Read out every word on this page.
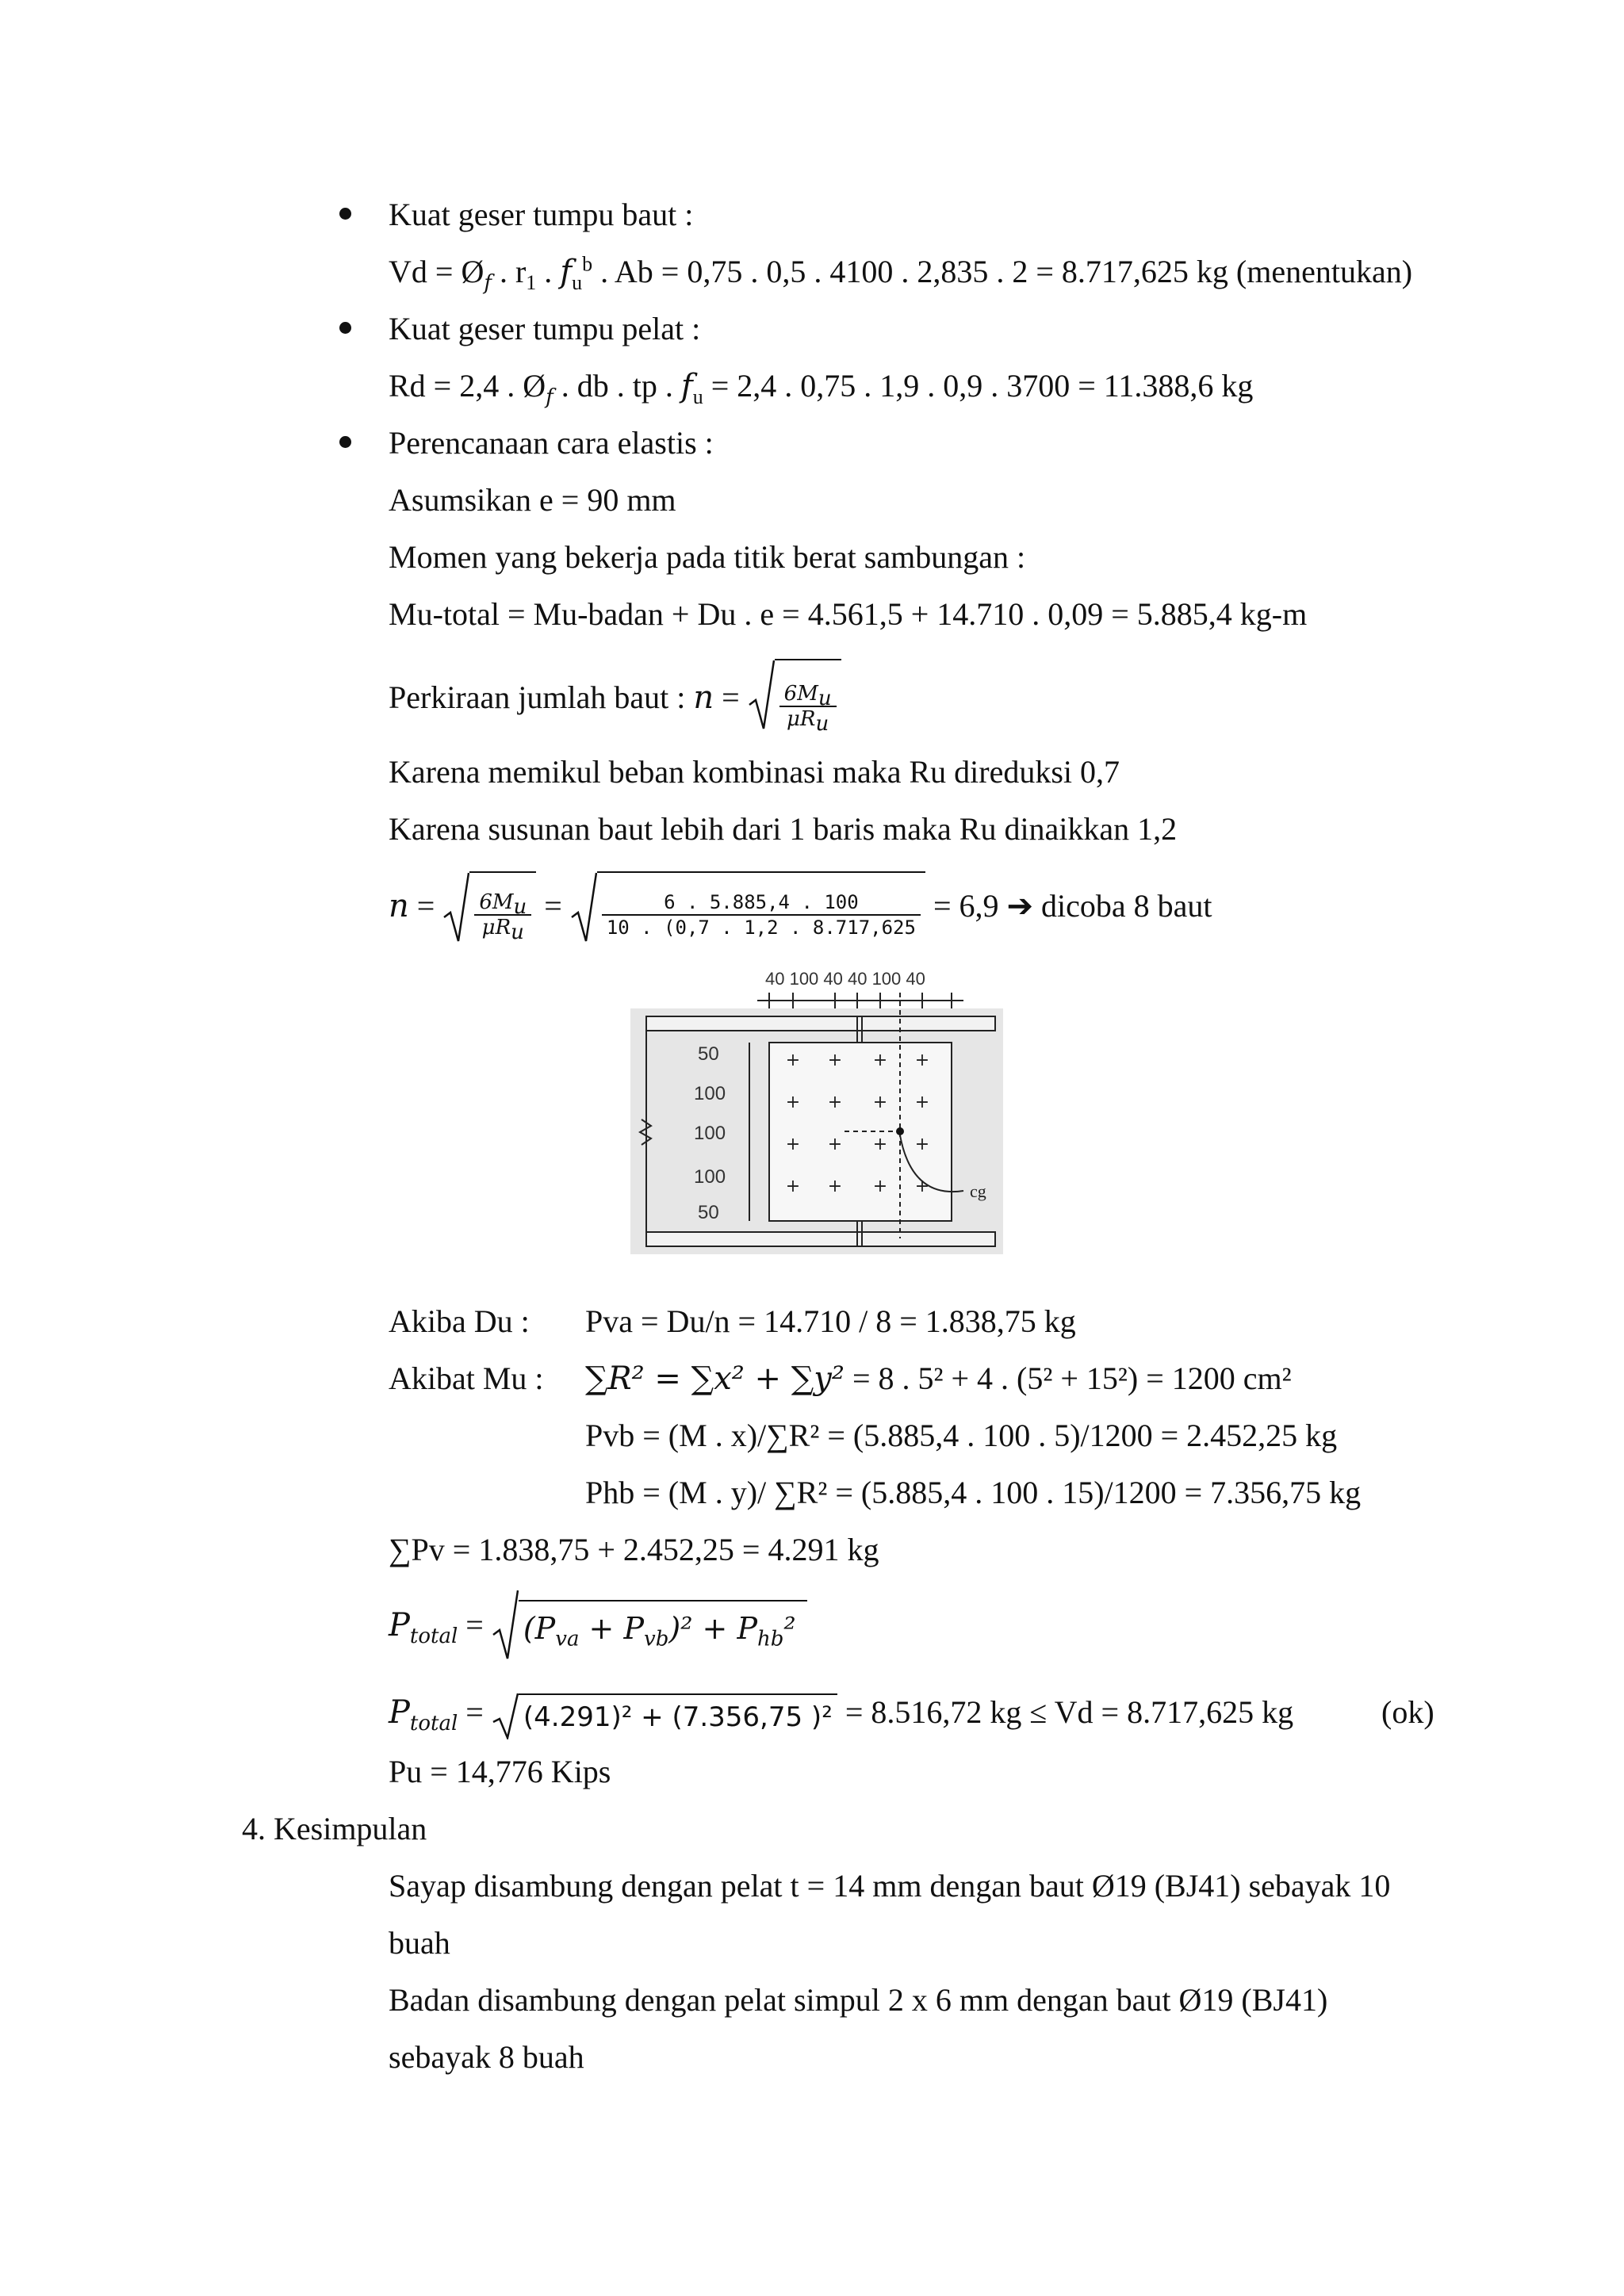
Kuat geser tumpu baut :
$Vd = Ø_f$ . $r_1$ . $f_u^b$ . Ab = 0,75 . 0,5 . 4100 . 2,835 . 2 = 8.717,625 kg (menentukan)
Kuat geser tumpu pelat :
Rd = 2,4 . $Ø_f$ . db . tp . $f_u = 2,4$ . 0,75 . 1,9 . 0,9 . 3700 = 11.388,6 kg
Perencanaan cara elastis :
Asumsikan e = 90 mm
Momen yang bekerja pada titik berat sambungan :
Mu-total = Mu-badan + Du . e = 4.561,5 + 14.710 . 0,09 = 5.885,4 kg-m
Perkiraan jumlah baut : $n = \frac{6M_u}{\mu R_u}$
Karena memikul beban kombinasi maka Ru direduksi 0,7
Karena susunan baut lebih dari 1 baris maka Ru dinaikkan 1,2
$n = \frac{6M_u}{\mu R_u} = \frac{6 . 5.885,4 . 100}{10 . (0,7 . 1,2 . 8.717,625} = 6,9$ ➔ dicoba 8 baut
+ + + +
+ + + +
+ + + +
+ + + + cg
40 100 40 40 100 40
50
100
100
100
50
Akiba Du : Pva = Du/n = 14.710 / 8 = 1.838,75 kg
Akibat Mu : ∑R² = ∑x² + ∑y² = 8 . 5² + 4 . (5² + 15²) = 1200 cm²
Pvb = (M . x)/∑R² = (5.885,4 . 100 . 5)/1200 = 2.452,25 kg
Phb = (M . y)/ ∑R² = (5.885,4 . 100 . 15)/1200 = 7.356,75 kg
∑Pv = 1.838,75 + 2.452,25 = 4.291 kg
$P_{total}$ =
$(P_{va} + P_{vb})^2 + P_{hb}^2$
$P_{total}$ =
(4.291)² + (7.356,75 )² = 8.516,72 kg ≤ Vd = 8.717,625 kg	(ok)
Pu = 14,776 Kips
4. Kesimpulan
Sayap disambung dengan pelat t = 14 mm dengan baut Ø19 (BJ41) sebayak 10
buah
Badan disambung dengan pelat simpul 2 x 6 mm dengan baut Ø19 (BJ41)
sebayak 8 buah
